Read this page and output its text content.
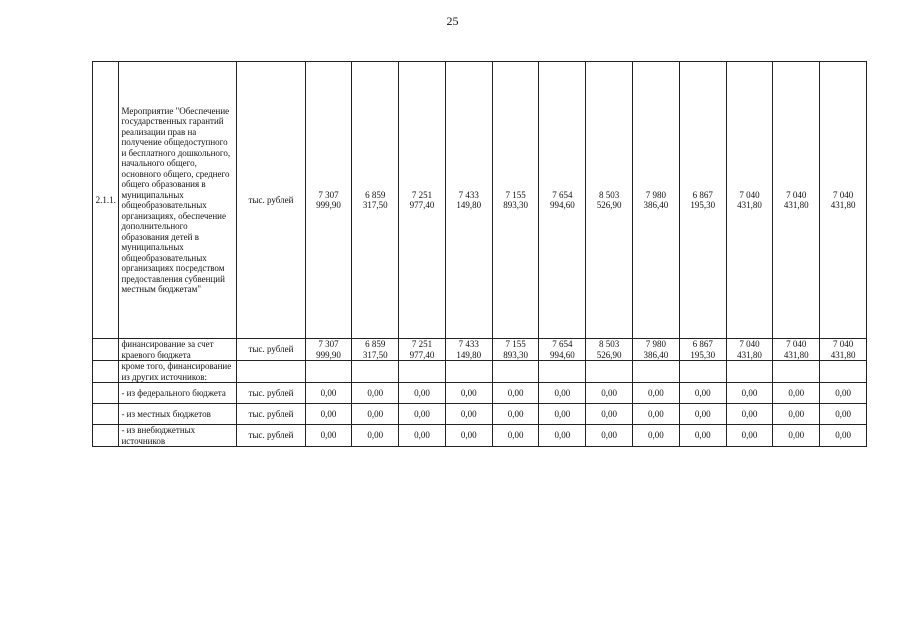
25
2.1.1.	Мероприятие "Обеспечение государственных гарантий реализации прав на получение общедоступного и бесплатного дошкольного, начального общего, основного общего, среднего общего образования в муниципальных общеобразовательных организациях, обеспечение дополнительного образования детей в муниципальных общеобразовательных организациях посредством предоставления субвенций местным бюджетам"	тыс. рублей	7 307 999,90	6 859 317,50	7 251 977,40	7 433 149,80	7 155 893,30	7 654 994,60	8 503 526,90	7 980 386,40	6 867 195,30	7 040 431,80	7 040 431,80	7 040 431,80
	финансирование за счет краевого бюджета	тыс. рублей	7 307 999,90	6 859 317,50	7 251 977,40	7 433 149,80	7 155 893,30	7 654 994,60	8 503 526,90	7 980 386,40	6 867 195,30	7 040 431,80	7 040 431,80	7 040 431,80
	кроме того, финансирование из других источников:													
	- из федерального бюджета	тыс. рублей	0,00	0,00	0,00	0,00	0,00	0,00	0,00	0,00	0,00	0,00	0,00	0,00
	- из местных бюджетов	тыс. рублей	0,00	0,00	0,00	0,00	0,00	0,00	0,00	0,00	0,00	0,00	0,00	0,00
	- из внебюджетных источников	тыс. рублей	0,00	0,00	0,00	0,00	0,00	0,00	0,00	0,00	0,00	0,00	0,00	0,00
